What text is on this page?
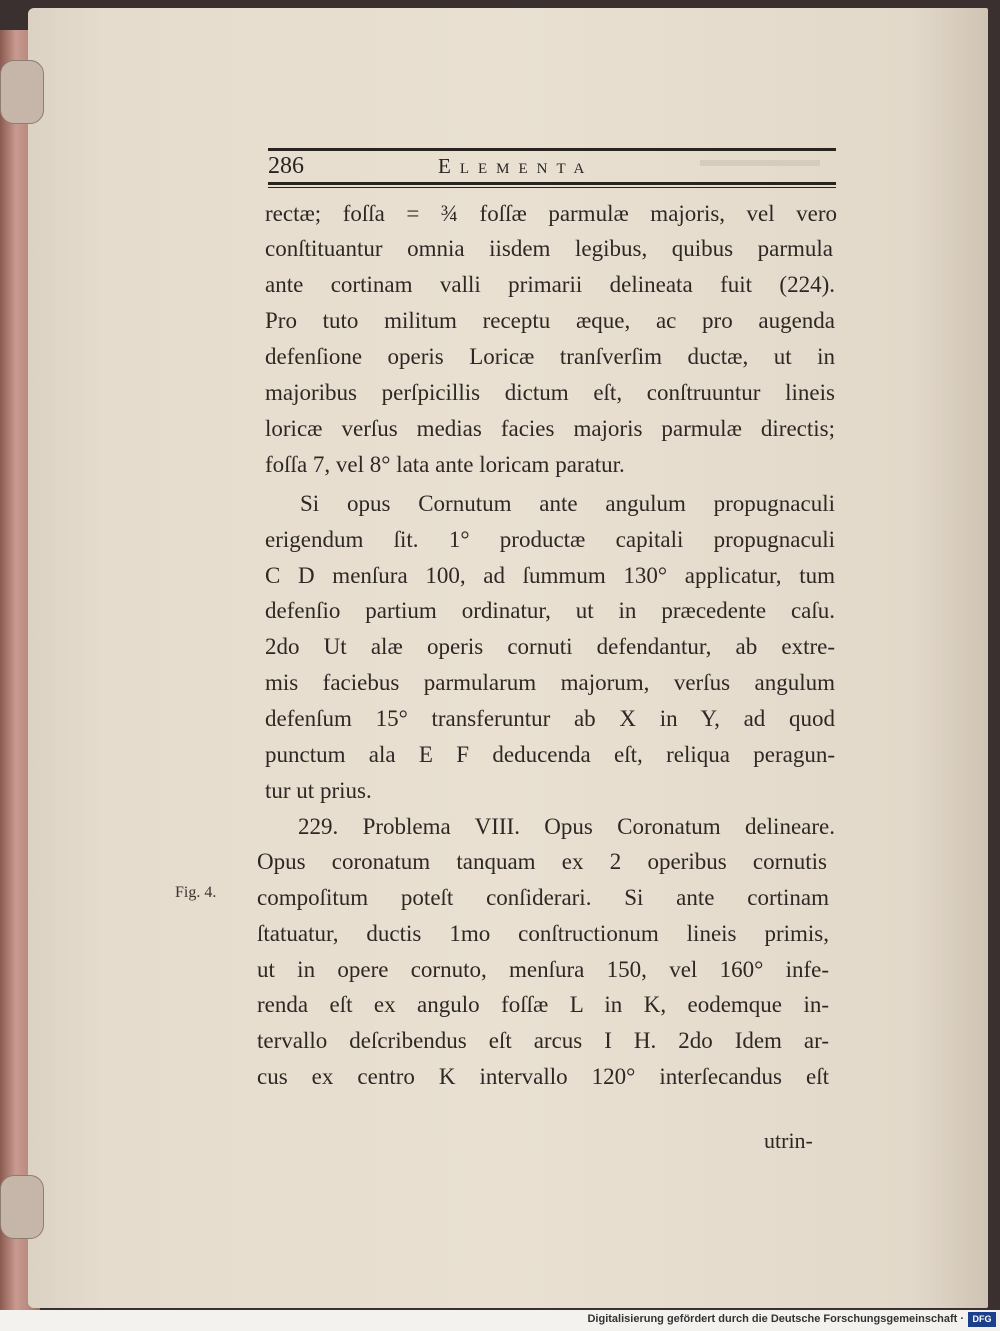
286	Elementa
rectæ; foſſa = ¾ foſſæ parmulæ majoris, vel vero
conſtituantur omnia iisdem legibus, quibus parmula
ante cortinam valli primarii delineata fuit (224).
Pro tuto militum receptu æque, ac pro augenda
defenſione operis Loricæ tranſverſim ductæ, ut in
majoribus perſpicillis dictum eſt, conſtruuntur lineis
loricæ verſus medias facies majoris parmulæ directis;
foſſa 7, vel 8° lata ante loricam paratur.
Si opus Cornutum ante angulum propugnaculi
erigendum ſit. 1° productæ capitali propugnaculi
C D menſura 100, ad ſummum 130° applicatur, tum
defenſio partium ordinatur, ut in præcedente caſu.
2do Ut alæ operis cornuti defendantur, ab extre-
mis faciebus parmularum majorum, verſus angulum
defenſum 15° transferuntur ab X in Y, ad quod
punctum ala E F deducenda eſt, reliqua peragun-
tur ut prius.
229. Problema VIII. Opus Coronatum delineare.
Opus coronatum tanquam ex 2 operibus cornutis
compoſitum poteſt conſiderari. Si ante cortinam
ſtatuatur, ductis 1mo conſtructionum lineis primis,
ut in opere cornuto, menſura 150, vel 160° infe-
renda eſt ex angulo foſſæ L in K, eodemque in-
tervallo deſcribendus eſt arcus I H. 2do Idem ar-
cus ex centro K intervallo 120° interſecandus eſt
Fig. 4.
utrin-
Digitalisierung gefördert durch die Deutsche Forschungsgemeinschaft · DFG
